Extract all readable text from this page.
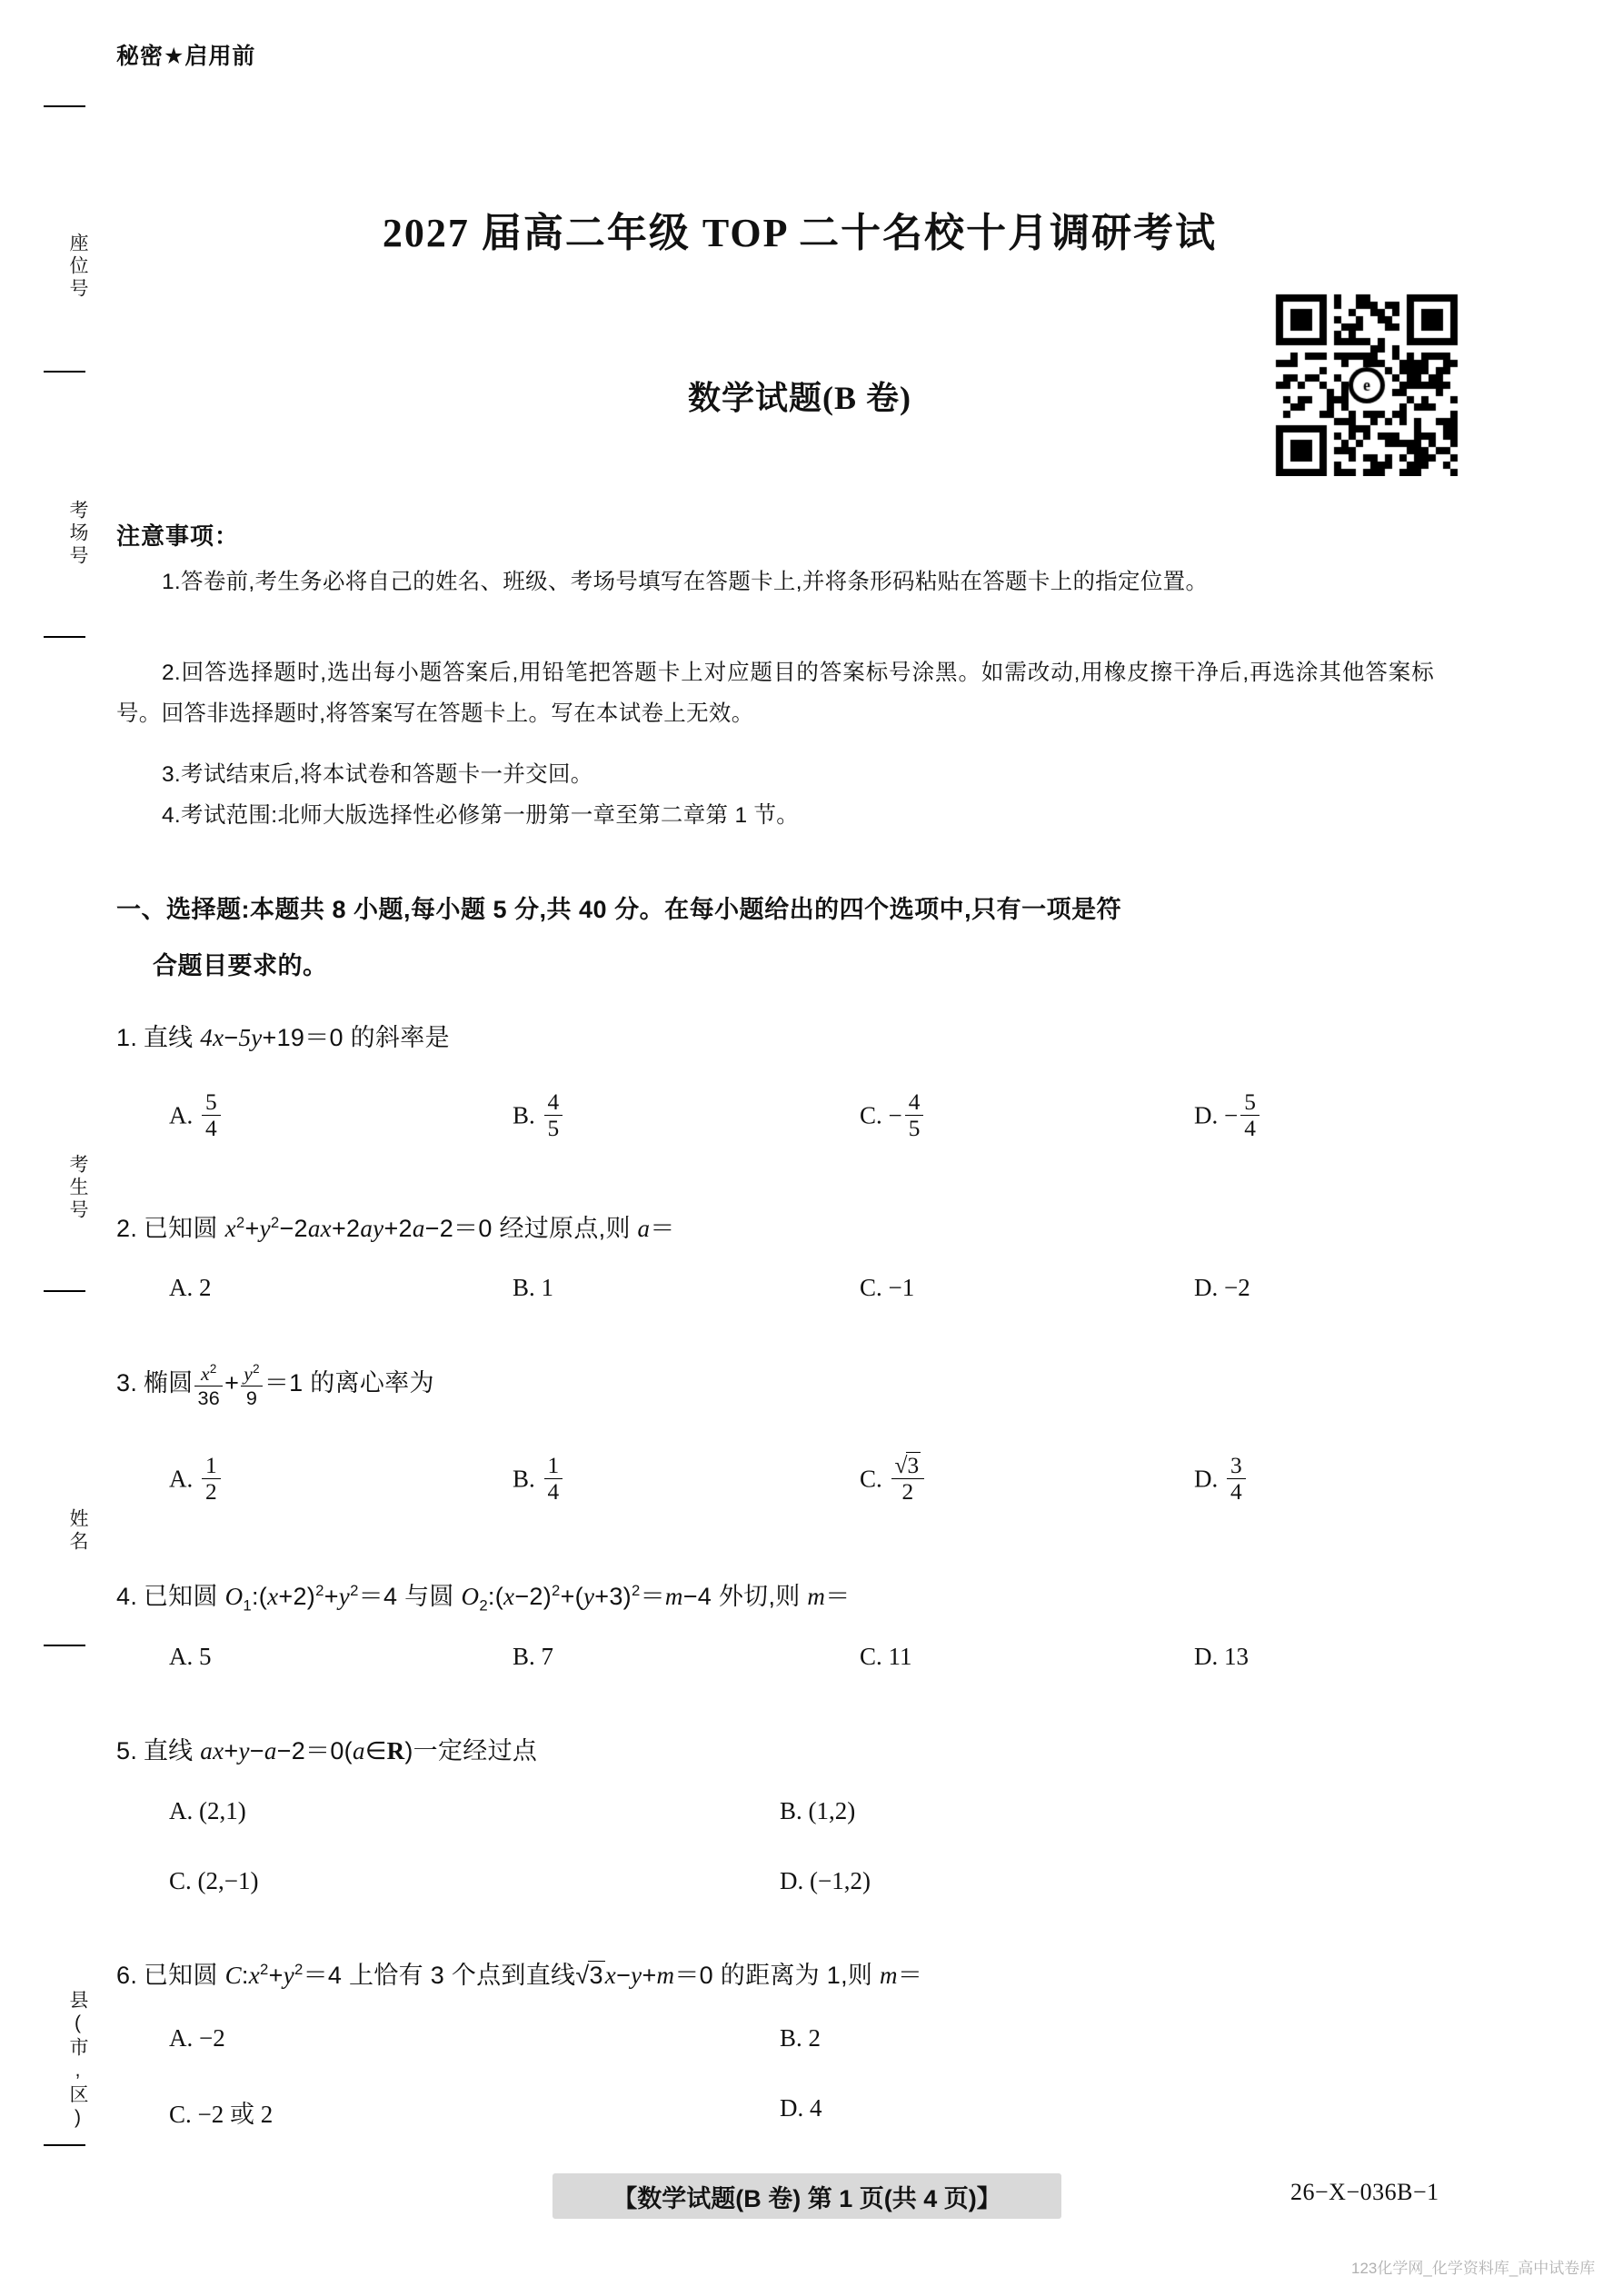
座位号
考场号
考生号
姓名
县(市,区)
秘密★启用前
2027 届高二年级 TOP 二十名校十月调研考试
数学试题(B 卷)
注意事项：
1.答卷前,考生务必将自己的姓名、班级、考场号填写在答题卡上,并将条形码粘贴在答题卡上的指定位置。
2.回答选择题时,选出每小题答案后,用铅笔把答题卡上对应题目的答案标号涂黑。如需改动,用橡皮擦干净后,再选涂其他答案标号。回答非选择题时,将答案写在答题卡上。写在本试卷上无效。
3.考试结束后,将本试卷和答题卡一并交回。
4.考试范围:北师大版选择性必修第一册第一章至第二章第 1 节。
一、选择题:本题共 8 小题,每小题 5 分,共 40 分。在每小题给出的四个选项中,只有一项是符
合题目要求的。
1. 直线 4x−5y+19＝0 的斜率是
A. $\frac{5}{4}$	B. $\frac{4}{5}$	C. − $\frac{4}{5}$	D. − $\frac{5}{4}$
2. 已知圆 $x^2+y^2-2ax+2ay+2a-2=0$ 经过原点,则 a＝
A. 2	B. 1	C. −1	D. −2
3. 椭圆 $\frac{x^2}{36} + \frac{y^2}{9} =1$ 的离心率为
A. $\frac{1}{2}$	B. $\frac{1}{4}$	C. $\frac{√3}{2}$	D. $\frac{3}{4}$
4. 已知圆 $O_1:(x+2)^2+y^2=4$ 与圆 $O_2:(x-2)^2+(y+3)^2=m-4$ 外切,则 m＝
A. 5	B. 7	C. 11	D. 13
5. 直线 ax+y−a−2＝0(a∈R)一定经过点
A. (2,1)	B. (1,2)
C. (2,−1)	D. (−1,2)
6. 已知圆 $C:x^2+y^2=4$ 上恰有 3 个点到直线√3x−y+m＝0 的距离为 1,则 m＝
A. −2	B. 2
C. −2 或 2	D. 4
【数学试题(B 卷) 第 1 页(共 4 页)】	26−X−036B−1
123化学网_化学资料库_高中试卷库
